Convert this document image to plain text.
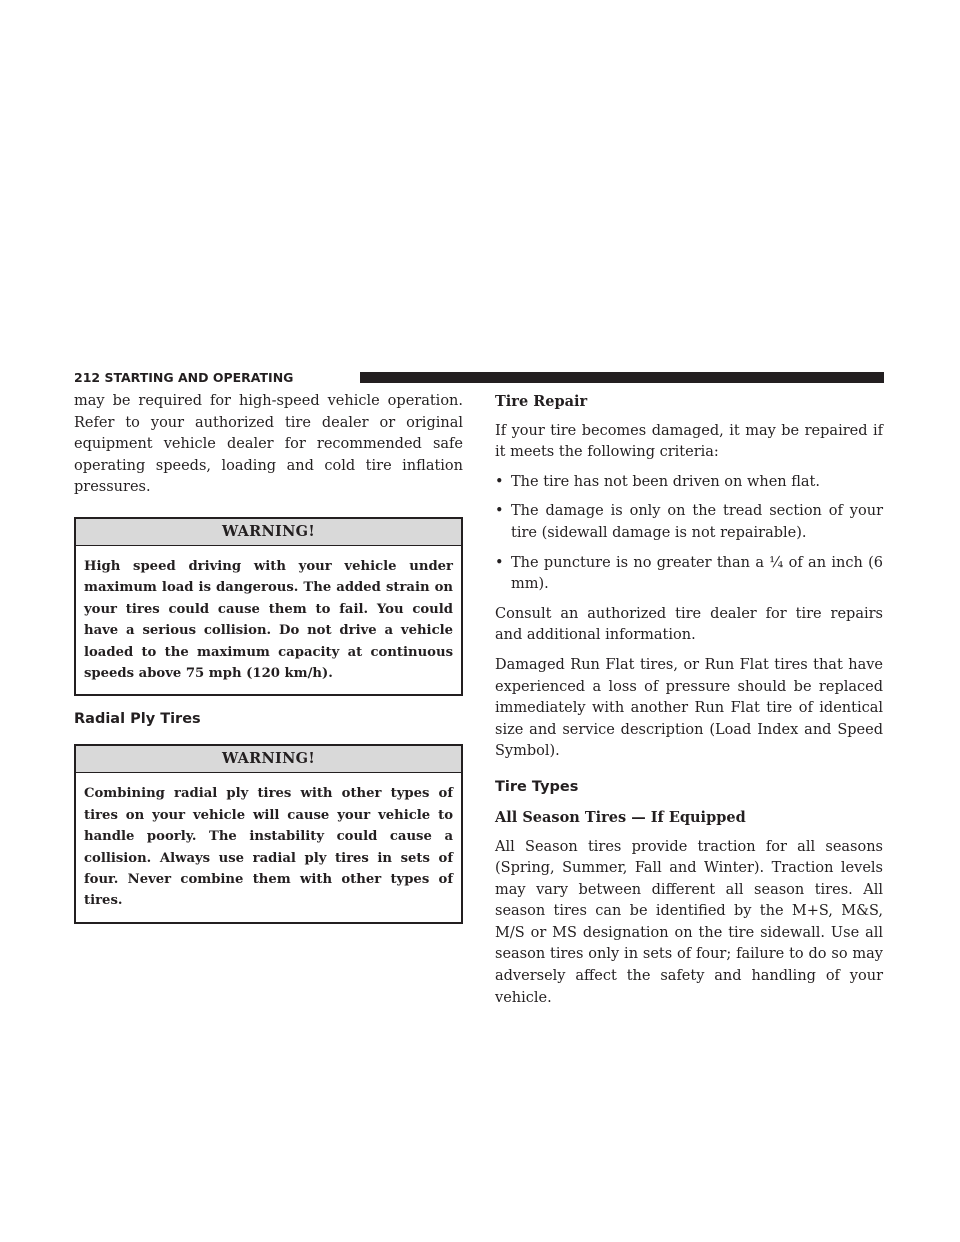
212 STARTING AND OPERATING

may be required for high-speed vehicle operation. Refer to your authorized tire dealer or original equipment vehicle dealer for recommended safe operating speeds, loading and cold tire inflation pressures.

WARNING!
High speed driving with your vehicle under maximum load is dangerous. The added strain on your tires could cause them to fail. You could have a serious collision. Do not drive a vehicle loaded to the maximum capacity at continuous speeds above 75 mph (120 km/h).
Radial Ply Tires
WARNING!
Combining radial ply tires with other types of tires on your vehicle will cause your vehicle to handle poorly. The instability could cause a collision. Always use radial ply tires in sets of four. Never combine them with other types of tires.
Tire Repair

If your tire becomes damaged, it may be repaired if it meets the following criteria:

• The tire has not been driven on when flat.
• The damage is only on the tread section of your tire (sidewall damage is not repairable).
• The puncture is no greater than a ¼ of an inch (6 mm).

Consult an authorized tire dealer for tire repairs and additional information.

Damaged Run Flat tires, or Run Flat tires that have experienced a loss of pressure should be replaced immediately with another Run Flat tire of identical size and service description (Load Index and Speed Symbol).

Tire Types
All Season Tires — If Equipped

All Season tires provide traction for all seasons (Spring, Summer, Fall and Winter). Traction levels may vary between different all season tires. All season tires can be identified by the M+S, M&S, M/S or MS designation on the tire sidewall. Use all season tires only in sets of four; failure to do so may adversely affect the safety and handling of your vehicle.
